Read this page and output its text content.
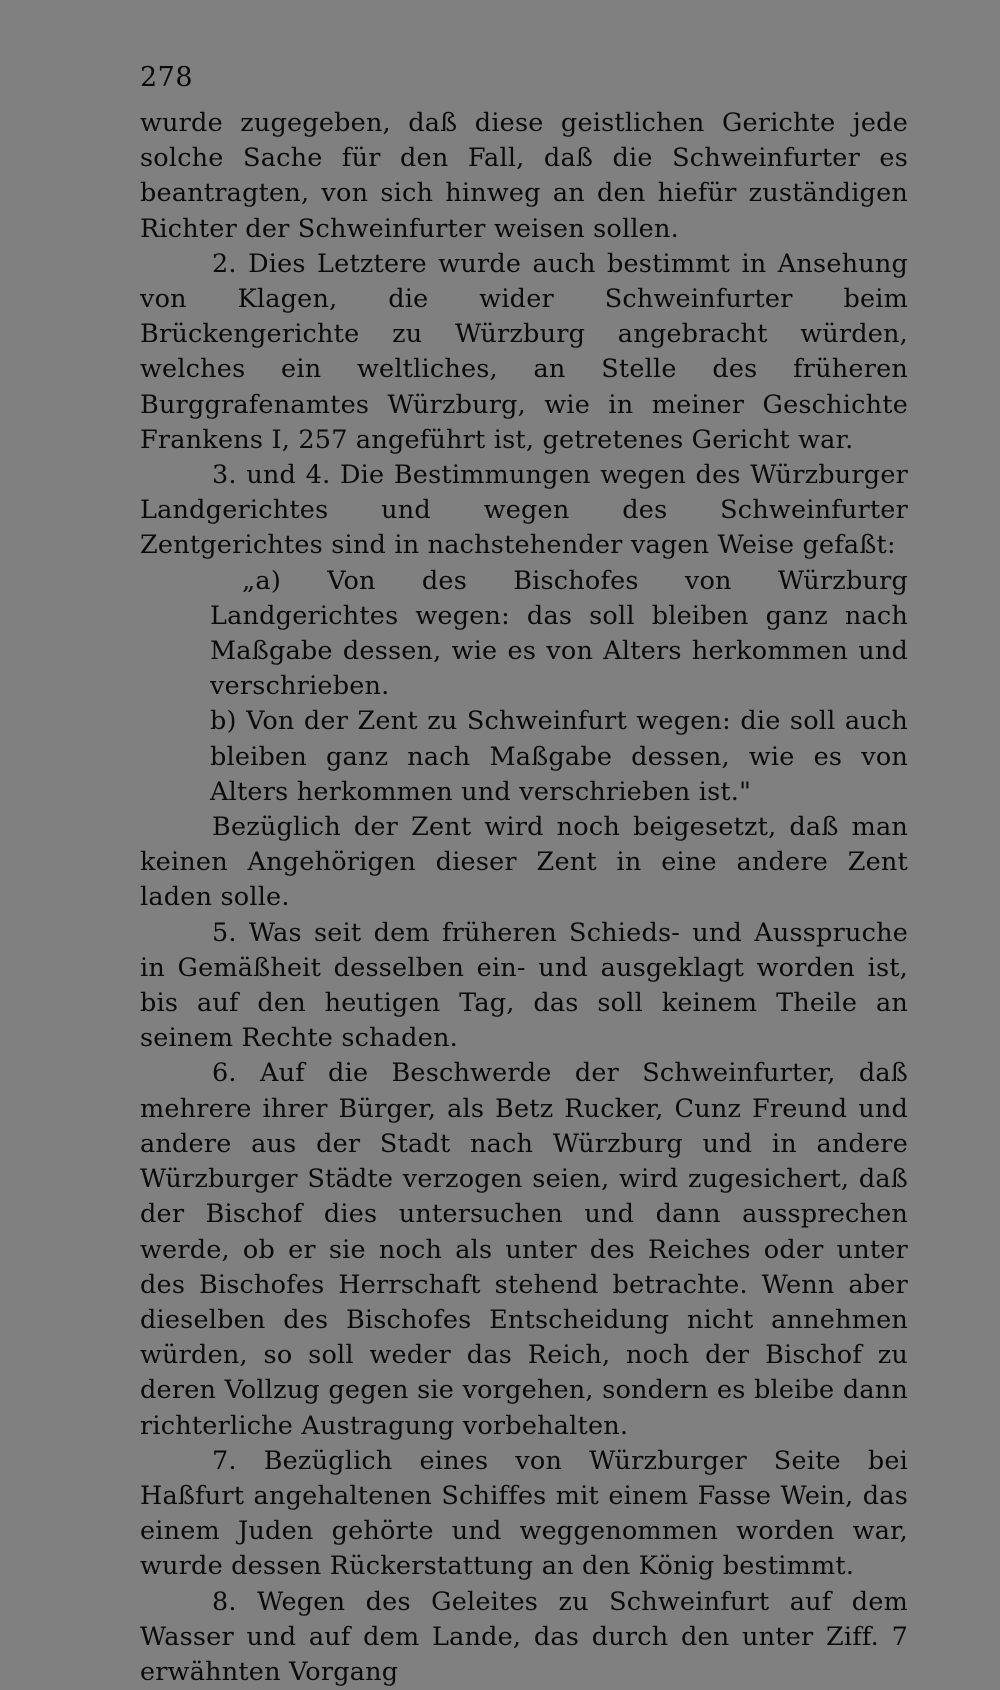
278

wurde zugegeben, daß diese geistlichen Gerichte jede solche Sache für den Fall, daß die Schweinfurter es beantragten, von sich hinweg an den hiefür zuständigen Richter der Schweinfurter weisen sollen.

2. Dies Letztere wurde auch bestimmt in Ansehung von Klagen, die wider Schweinfurter beim Brückengerichte zu Würzburg angebracht würden, welches ein weltliches, an Stelle des früheren Burggrafenamtes Würzburg, wie in meiner Geschichte Frankens I, 257 angeführt ist, getretenes Gericht war.

3. und 4. Die Bestimmungen wegen des Würzburger Landgerichtes und wegen des Schweinfurter Zentgerichtes sind in nachstehender vagen Weise gefaßt:

„a) Von des Bischofes von Würzburg Landgerichtes wegen: das soll bleiben ganz nach Maßgabe dessen, wie es von Alters herkommen und verschrieben.

b) Von der Zent zu Schweinfurt wegen: die soll auch bleiben ganz nach Maßgabe dessen, wie es von Alters herkommen und verschrieben ist."

Bezüglich der Zent wird noch beigesetzt, daß man keinen Angehörigen dieser Zent in eine andere Zent laden solle.

5. Was seit dem früheren Schieds- und Ausspruche in Gemäßheit desselben ein- und ausgeklagt worden ist, bis auf den heutigen Tag, das soll keinem Theile an seinem Rechte schaden.

6. Auf die Beschwerde der Schweinfurter, daß mehrere ihrer Bürger, als Betz Rucker, Cunz Freund und andere aus der Stadt nach Würzburg und in andere Würzburger Städte verzogen seien, wird zugesichert, daß der Bischof dies untersuchen und dann aussprechen werde, ob er sie noch als unter des Reiches oder unter des Bischofes Herrschaft stehend betrachte. Wenn aber dieselben des Bischofes Entscheidung nicht annehmen würden, so soll weder das Reich, noch der Bischof zu deren Vollzug gegen sie vorgehen, sondern es bleibe dann richterliche Austragung vorbehalten.

7. Bezüglich eines von Würzburger Seite bei Haßfurt angehaltenen Schiffes mit einem Fasse Wein, das einem Juden gehörte und weggenommen worden war, wurde dessen Rückerstattung an den König bestimmt.

8. Wegen des Geleites zu Schweinfurt auf dem Wasser und auf dem Lande, das durch den unter Ziff. 7 erwähnten Vorgang
